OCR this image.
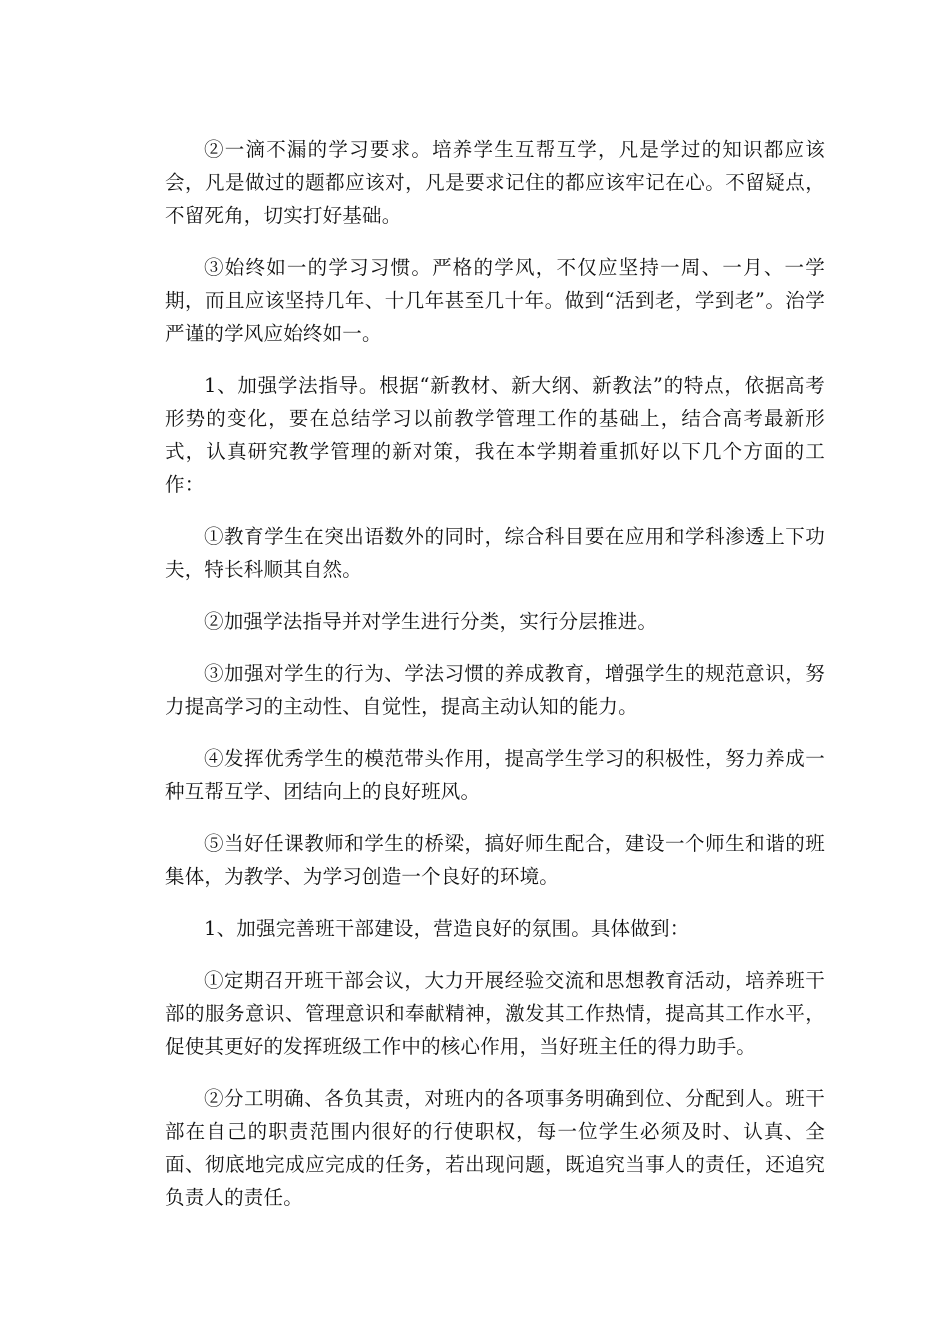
②一滴不漏的学习要求。培养学生互帮互学，凡是学过的知识都应该会，凡是做过的题都应该对，凡是要求记住的都应该牢记在心。不留疑点，不留死角，切实打好基础。

③始终如一的学习习惯。严格的学风，不仅应坚持一周、一月、一学期，而且应该坚持几年、十几年甚至几十年。做到“活到老，学到老”。治学严谨的学风应始终如一。

1、加强学法指导。根据“新教材、新大纲、新教法”的特点，依据高考形势的变化，要在总结学习以前教学管理工作的基础上，结合高考最新形式，认真研究教学管理的新对策，我在本学期着重抓好以下几个方面的工作：

①教育学生在突出语数外的同时，综合科目要在应用和学科渗透上下功夫，特长科顺其自然。

②加强学法指导并对学生进行分类，实行分层推进。

③加强对学生的行为、学法习惯的养成教育，增强学生的规范意识，努力提高学习的主动性、自觉性，提高主动认知的能力。

④发挥优秀学生的模范带头作用，提高学生学习的积极性，努力养成一种互帮互学、团结向上的良好班风。

⑤当好任课教师和学生的桥梁，搞好师生配合，建设一个师生和谐的班集体，为教学、为学习创造一个良好的环境。

1、加强完善班干部建设，营造良好的氛围。具体做到：

①定期召开班干部会议，大力开展经验交流和思想教育活动，培养班干部的服务意识、管理意识和奉献精神，激发其工作热情，提高其工作水平，促使其更好的发挥班级工作中的核心作用，当好班主任的得力助手。

②分工明确、各负其责，对班内的各项事务明确到位、分配到人。班干部在自己的职责范围内很好的行使职权，每一位学生必须及时、认真、全面、彻底地完成应完成的任务，若出现问题，既追究当事人的责任，还追究负责人的责任。
